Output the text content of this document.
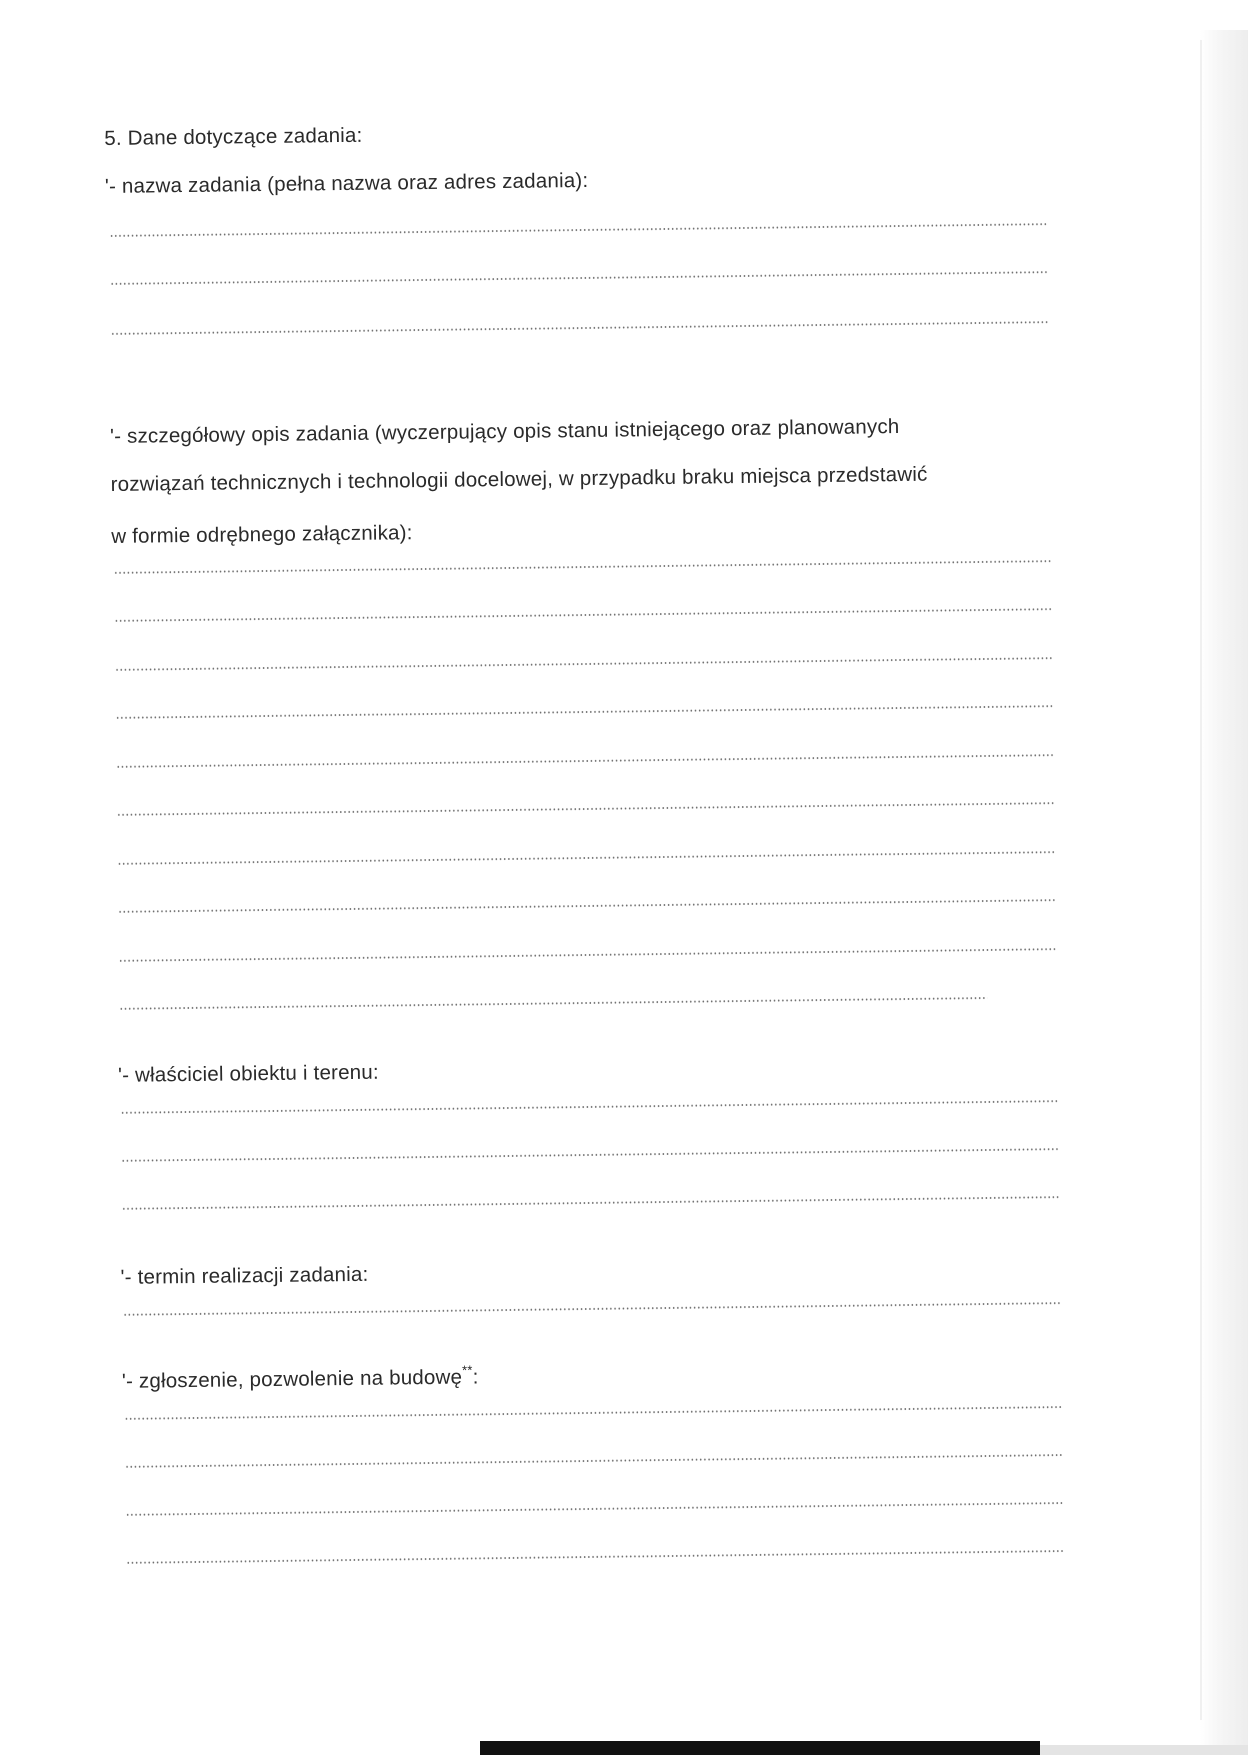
5. Dane dotyczące zadania:
'- nazwa zadania (pełna nazwa oraz adres zadania):
'- szczegółowy opis zadania (wyczerpujący opis stanu istniejącego oraz planowanych
rozwiązań technicznych i technologii docelowej, w przypadku braku miejsca przedstawić
w formie odrębnego załącznika):
'- właściciel obiektu i terenu:
'- termin realizacji zadania:
'- zgłoszenie, pozwolenie na budowę**:
